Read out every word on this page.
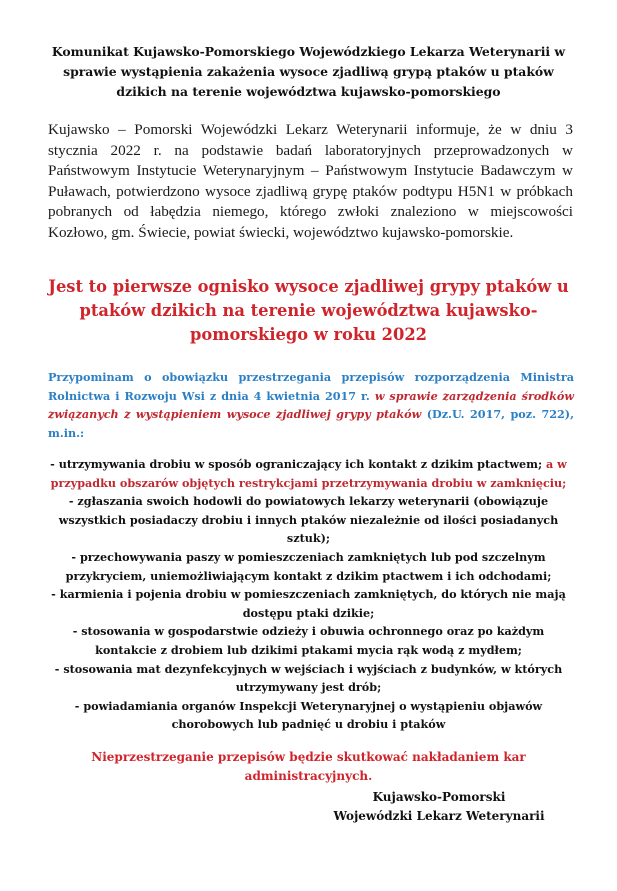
Komunikat Kujawsko-Pomorskiego Wojewódzkiego Lekarza Weterynarii w sprawie wystąpienia zakażenia wysoce zjadliwą grypą ptaków u ptaków dzikich na terenie województwa kujawsko-pomorskiego
Kujawsko – Pomorski Wojewódzki Lekarz Weterynarii informuje, że w dniu 3 stycznia 2022 r. na podstawie badań laboratoryjnych przeprowadzonych w Państwowym Instytucie Weterynaryjnym – Państwowym Instytucie Badawczym w Puławach, potwierdzono wysoce zjadliwą grypę ptaków podtypu H5N1 w próbkach pobranych od łabędzia niemego, którego zwłoki znaleziono w miejscowości Kozłowo, gm. Świecie, powiat świecki, województwo kujawsko-pomorskie.
Jest to pierwsze ognisko wysoce zjadliwej grypy ptaków u ptaków dzikich na terenie województwa kujawsko-pomorskiego w roku 2022
Przypominam o obowiązku przestrzegania przepisów rozporządzenia Ministra Rolnictwa i Rozwoju Wsi z dnia 4 kwietnia 2017 r. w sprawie zarządzenia środków związanych z wystąpieniem wysoce zjadliwej grypy ptaków (Dz.U. 2017, poz. 722), m.in.:

- utrzymywania drobiu w sposób ograniczający ich kontakt z dzikim ptactwem; a w przypadku obszarów objętych restrykcjami przetrzymywania drobiu w zamknięciu;

- zgłaszania swoich hodowli do powiatowych lekarzy weterynarii (obowiązuje wszystkich posiadaczy drobiu i innych ptaków niezależnie od ilości posiadanych sztuk);

- przechowywania paszy w pomieszczeniach zamkniętych lub pod szczelnym przykryciem, uniemożliwiającym kontakt z dzikim ptactwem i ich odchodami;

- karmienia i pojenia drobiu w pomieszczeniach zamkniętych, do których nie mają dostępu ptaki dzikie;

- stosowania w gospodarstwie odzieży i obuwia ochronnego oraz po każdym kontakcie z drobiem lub dzikimi ptakami mycia rąk wodą z mydłem;

- stosowania mat dezynfekcyjnych w wejściach i wyjściach z budynków, w których utrzymywany jest drób;

- powiadamiania organów Inspekcji Weterynaryjnej o wystąpieniu objawów chorobowych lub padnięć u drobiu i ptaków

Nieprzestrzeganie przepisów będzie skutkować nakładaniem kar administracyjnych.
Kujawsko-Pomorski
Wojewódzki Lekarz Weterynarii
